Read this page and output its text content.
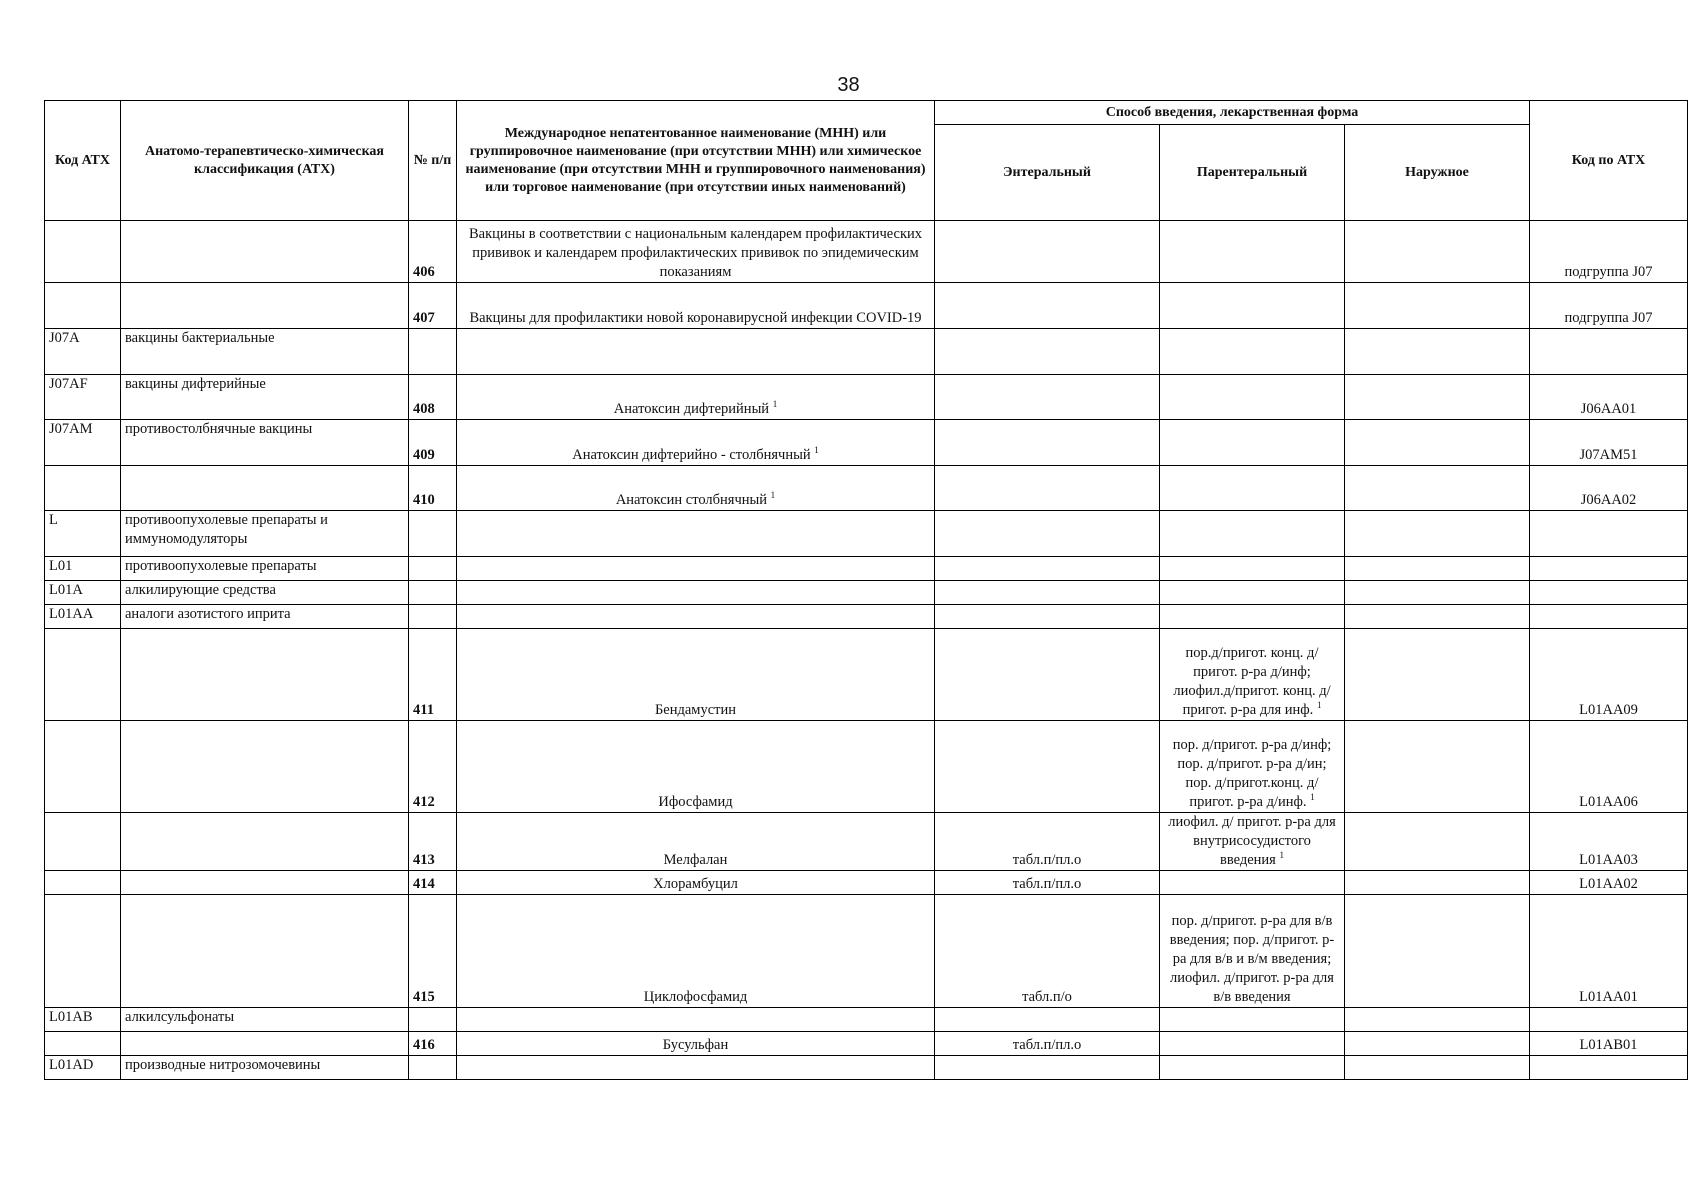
38
Код АТХ	Анатомо-терапевтическо-химическая классификация (АТХ)	№ п/п	Международное непатентованное наименование (МНН) или группировочное наименование (при отсутствии МНН) или химическое наименование (при отсутствии МНН и группировочного наименования) или торговое наименование (при отсутствии иных наименований)	Способ введения, лекарственная форма			Код по АТХ
				Энтеральный	Парентеральный	Наружное	
		406	Вакцины в соответствии с национальным календарем профилактических прививок и календарем профилактических прививок по эпидемическим показаниям				подгруппа J07
		407	Вакцины для профилактики новой коронавирусной инфекции COVID-19				подгруппа J07
J07A	вакцины бактериальные						
J07AF	вакцины дифтерийные	408	Анатоксин дифтерийный $^1$				J06AA01
J07AM	противостолбнячные вакцины	409	Анатоксин дифтерийно - столбнячный $^1$				J07AM51
		410	Анатоксин столбнячный $^1$				J06AA02
L	противоопухолевые препараты и иммуномодуляторы						
L01	противоопухолевые препараты						
L01A	алкилирующие средства						
L01AA	аналоги азотистого иприта						
		411	Бендамустин		пор.д/пригот. конц. д/пригот. р-ра д/инф; лиофил.д/пригот. конц. д/пригот. р-ра для инф. $^1$		L01AA09
		412	Ифосфамид		пор. д/пригот. р-ра д/инф; пор. д/пригот. р-ра д/ин; пор. д/пригот.конц. д/пригот. р-ра д/инф. $^1$		L01AA06
		413	Мелфалан	табл.п/пл.о	лиофил. д/ пригот. р-ра для внутрисосудистого введения $^1$		L01AA03
		414	Хлорамбуцил	табл.п/пл.о			L01AA02
		415	Циклофосфамид	табл.п/о	пор. д/пригот. р-ра для в/в введения; пор. д/пригот. р-ра для в/в и в/м введения; лиофил. д/пригот. р-ра для в/в введения		L01AA01
L01AB	алкилсульфонаты						
		416	Бусульфан	табл.п/пл.о			L01AB01
L01AD	производные нитрозомочевины						
